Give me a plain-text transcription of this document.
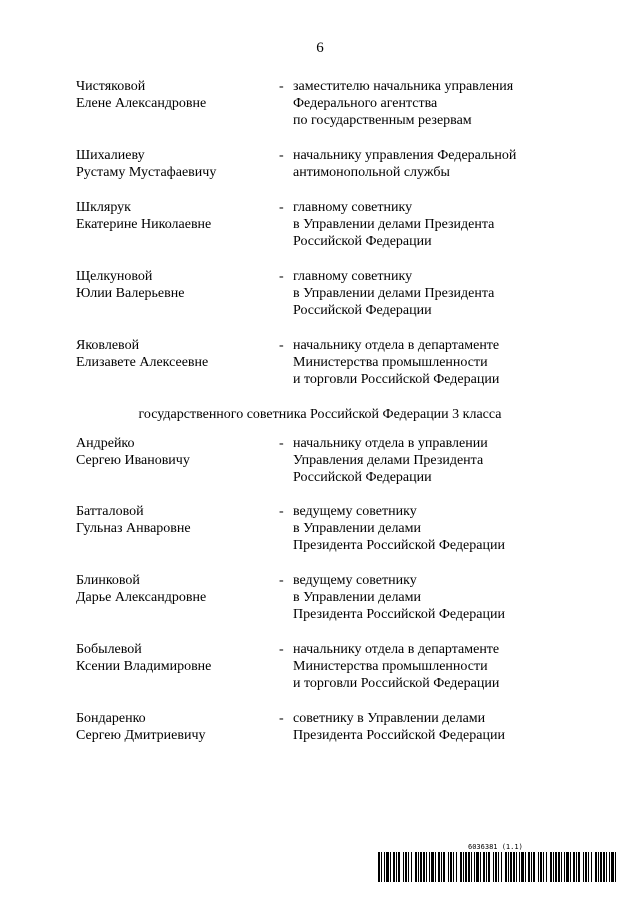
6
Чистяковой
Елене Александровне
- заместителю начальника управления
Федерального агентства
по государственным резервам
Шихалиеву
Рустаму Мустафаевичу
- начальнику управления Федеральной
антимонопольной службы
Шклярук
Екатерине Николаевне
- главному советнику
в Управлении делами Президента
Российской Федерации
Щелкуновой
Юлии Валерьевне
- главному советнику
в Управлении делами Президента
Российской Федерации
Яковлевой
Елизавете Алексеевне
- начальнику отдела в департаменте
Министерства промышленности
и торговли Российской Федерации
государственного советника Российской Федерации 3 класса
Андрейко
Сергею Ивановичу
- начальнику отдела в управлении
Управления делами Президента
Российской Федерации
Батталовой
Гульназ Анваровне
- ведущему советнику
в Управлении делами
Президента Российской Федерации
Блинковой
Дарье Александровне
- ведущему советнику
в Управлении делами
Президента Российской Федерации
Бобылевой
Ксении Владимировне
- начальнику отдела в департаменте
Министерства промышленности
и торговли Российской Федерации
Бондаренко
Сергею Дмитриевичу
- советнику в Управлении делами
Президента Российской Федерации
6036381 (1.1)
